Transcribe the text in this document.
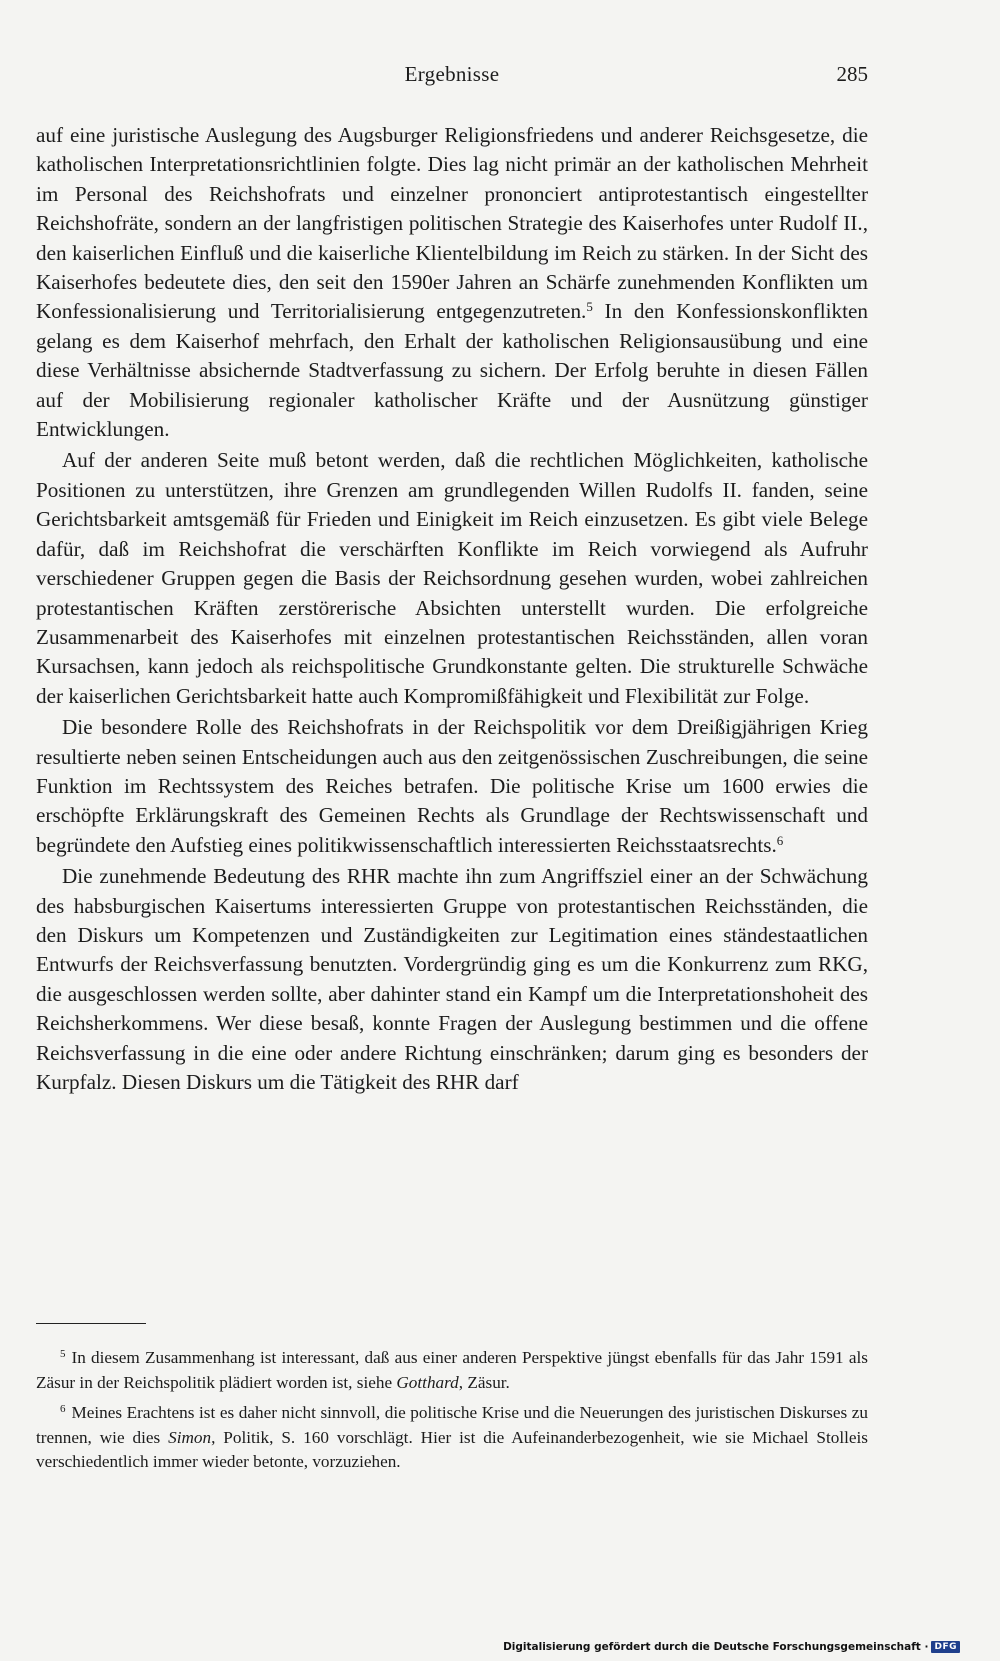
Ergebnisse	285

auf eine juristische Auslegung des Augsburger Religionsfriedens und anderer Reichsgesetze, die katholischen Interpretationsrichtlinien folgte. Dies lag nicht primär an der katholischen Mehrheit im Personal des Reichshofrats und einzelner prononciert antiprotestantisch eingestellter Reichshofräte, sondern an der langfristigen politischen Strategie des Kaiserhofes unter Rudolf II., den kaiserlichen Einfluß und die kaiserliche Klientelbildung im Reich zu stärken. In der Sicht des Kaiserhofes bedeutete dies, den seit den 1590er Jahren an Schärfe zunehmenden Konflikten um Konfessionalisierung und Territorialisierung entgegenzutreten.$^5$ In den Konfessionskonflikten gelang es dem Kaiserhof mehrfach, den Erhalt der katholischen Religionsausübung und eine diese Verhältnisse absichernde Stadtverfassung zu sichern. Der Erfolg beruhte in diesen Fällen auf der Mobilisierung regionaler katholischer Kräfte und der Ausnützung günstiger Entwicklungen.

Auf der anderen Seite muß betont werden, daß die rechtlichen Möglichkeiten, katholische Positionen zu unterstützen, ihre Grenzen am grundlegenden Willen Rudolfs II. fanden, seine Gerichtsbarkeit amtsgemäß für Frieden und Einigkeit im Reich einzusetzen. Es gibt viele Belege dafür, daß im Reichshofrat die verschärften Konflikte im Reich vorwiegend als Aufruhr verschiedener Gruppen gegen die Basis der Reichsordnung gesehen wurden, wobei zahlreichen protestantischen Kräften zerstörerische Absichten unterstellt wurden. Die erfolgreiche Zusammenarbeit des Kaiserhofes mit einzelnen protestantischen Reichsständen, allen voran Kursachsen, kann jedoch als reichspolitische Grundkonstante gelten. Die strukturelle Schwäche der kaiserlichen Gerichtsbarkeit hatte auch Kompromißfähigkeit und Flexibilität zur Folge.

Die besondere Rolle des Reichshofrats in der Reichspolitik vor dem Dreißigjährigen Krieg resultierte neben seinen Entscheidungen auch aus den zeitgenössischen Zuschreibungen, die seine Funktion im Rechtssystem des Reiches betrafen. Die politische Krise um 1600 erwies die erschöpfte Erklärungskraft des Gemeinen Rechts als Grundlage der Rechtswissenschaft und begründete den Aufstieg eines politikwissenschaftlich interessierten Reichsstaatsrechts.$^6$

Die zunehmende Bedeutung des RHR machte ihn zum Angriffsziel einer an der Schwächung des habsburgischen Kaisertums interessierten Gruppe von protestantischen Reichsständen, die den Diskurs um Kompetenzen und Zuständigkeiten zur Legitimation eines ständestaatlichen Entwurfs der Reichsverfassung benutzten. Vordergründig ging es um die Konkurrenz zum RKG, die ausgeschlossen werden sollte, aber dahinter stand ein Kampf um die Interpretationshoheit des Reichsherkommens. Wer diese besaß, konnte Fragen der Auslegung bestimmen und die offene Reichsverfassung in die eine oder andere Richtung einschränken; darum ging es besonders der Kurpfalz. Diesen Diskurs um die Tätigkeit des RHR darf

$^5$ In diesem Zusammenhang ist interessant, daß aus einer anderen Perspektive jüngst ebenfalls für das Jahr 1591 als Zäsur in der Reichspolitik plädiert worden ist, siehe Gotthard, Zäsur.

$^6$ Meines Erachtens ist es daher nicht sinnvoll, die politische Krise und die Neuerungen des juristischen Diskurses zu trennen, wie dies Simon, Politik, S. 160 vorschlägt. Hier ist die Aufeinanderbezogenheit, wie sie Michael Stolleis verschiedentlich immer wieder betonte, vorzuziehen.

Digitalisierung gefördert durch die Deutsche Forschungsgemeinschaft · DFG
